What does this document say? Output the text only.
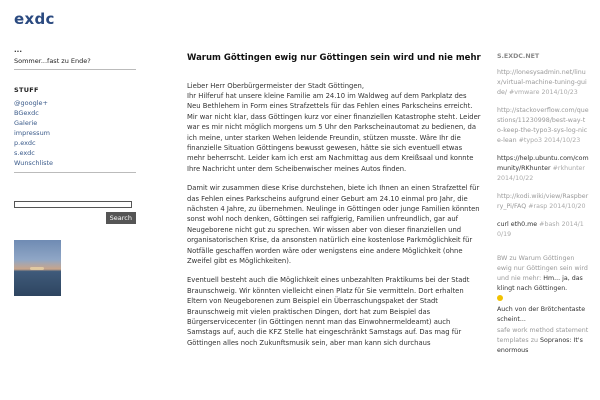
exdc
...
Sommer...fast zu Ende?
STUFF
@google+
BGexdc
Galerie
impressum
p.exdc
s.exdc
Wunschliste
Search
Warum Göttingen ewig nur Göttingen sein wird und nie mehr

Lieber Herr Oberbürgermeister der Stadt Göttingen,

Ihr Hilferuf hat unsere kleine Familie am 24.10 im Waldweg auf dem Parkplatz des Neu Bethlehem in Form eines Strafzettels für das Fehlen eines Parkscheins erreicht. Mir war nicht klar, dass Göttingen kurz vor einer finanziellen Katastrophe steht. Leider war es mir nicht möglich morgens um 5 Uhr den Parkscheinautomat zu bedienen, da ich meine, unter starken Wehen leidende Freundin, stützen musste. Wäre Ihr die finanzielle Situation Göttingens bewusst gewesen, hätte sie sich eventuell etwas mehr beherrscht. Leider kam ich erst am Nachmittag aus dem Kreißsaal und konnte Ihre Nachricht unter dem Scheibenwischer meines Autos finden.

Damit wir zusammen diese Krise durchstehen, biete ich Ihnen an einen Strafzettel für das Fehlen eines Parkscheins aufgrund einer Geburt am 24.10 einmal pro Jahr, die nächsten 4 Jahre, zu übernehmen. Neulinge in Göttingen oder junge Familien könnten sonst wohl noch denken, Göttingen sei raffgierig, Familien unfreundlich, gar auf Neugeborene nicht gut zu sprechen. Wir wissen aber von dieser finanziellen und organisatorischen Krise, da ansonsten natürlich eine kostenlose Parkmöglichkeit für Notfälle geschaffen worden wäre oder wenigstens eine andere Möglichkeit (ohne Zweifel gibt es Möglichkeiten).

Eventuell besteht auch die Möglichkeit eines unbezahlten Praktikums bei der Stadt Braunschweig. Wir könnten vielleicht einen Platz für Sie vermitteln. Dort erhalten Eltern von Neugeborenen zum Beispiel ein Überraschungspaket der Stadt Braunschweig mit vielen praktischen Dingen, dort hat zum Beispiel das Bürgerservicecenter (in Göttingen nennt man das Einwohnermeldeamt) auch Samstags auf, auch die KFZ Stelle hat eingeschränkt Samstags auf. Das mag für Göttingen alles noch Zukunftsmusik sein, aber man kann sich durchaus

S.EXDC.NET
http://lonesysadmin.net/linux/virtual-machine-tuning-guide/ #vmware 2014/10/23
http://stackoverflow.com/questions/11230998/best-way-to-keep-the-typo3-sys-log-nice-lean #typo3 2014/10/23
https://help.ubuntu.com/community/RKhunter #rkhunter 2014/10/22
http://kodi.wiki/view/Raspberry_Pi/FAQ #rasp 2014/10/20
curl eth0.me #bash 2014/10/19
BW zu Warum Göttingen ewig nur Göttingen sein wird und nie mehr: Hm... ja, das klingt nach Göttingen.
Auch von der Brötchentaste scheint...
safe work method statement templates zu Sopranos: It's enormous
